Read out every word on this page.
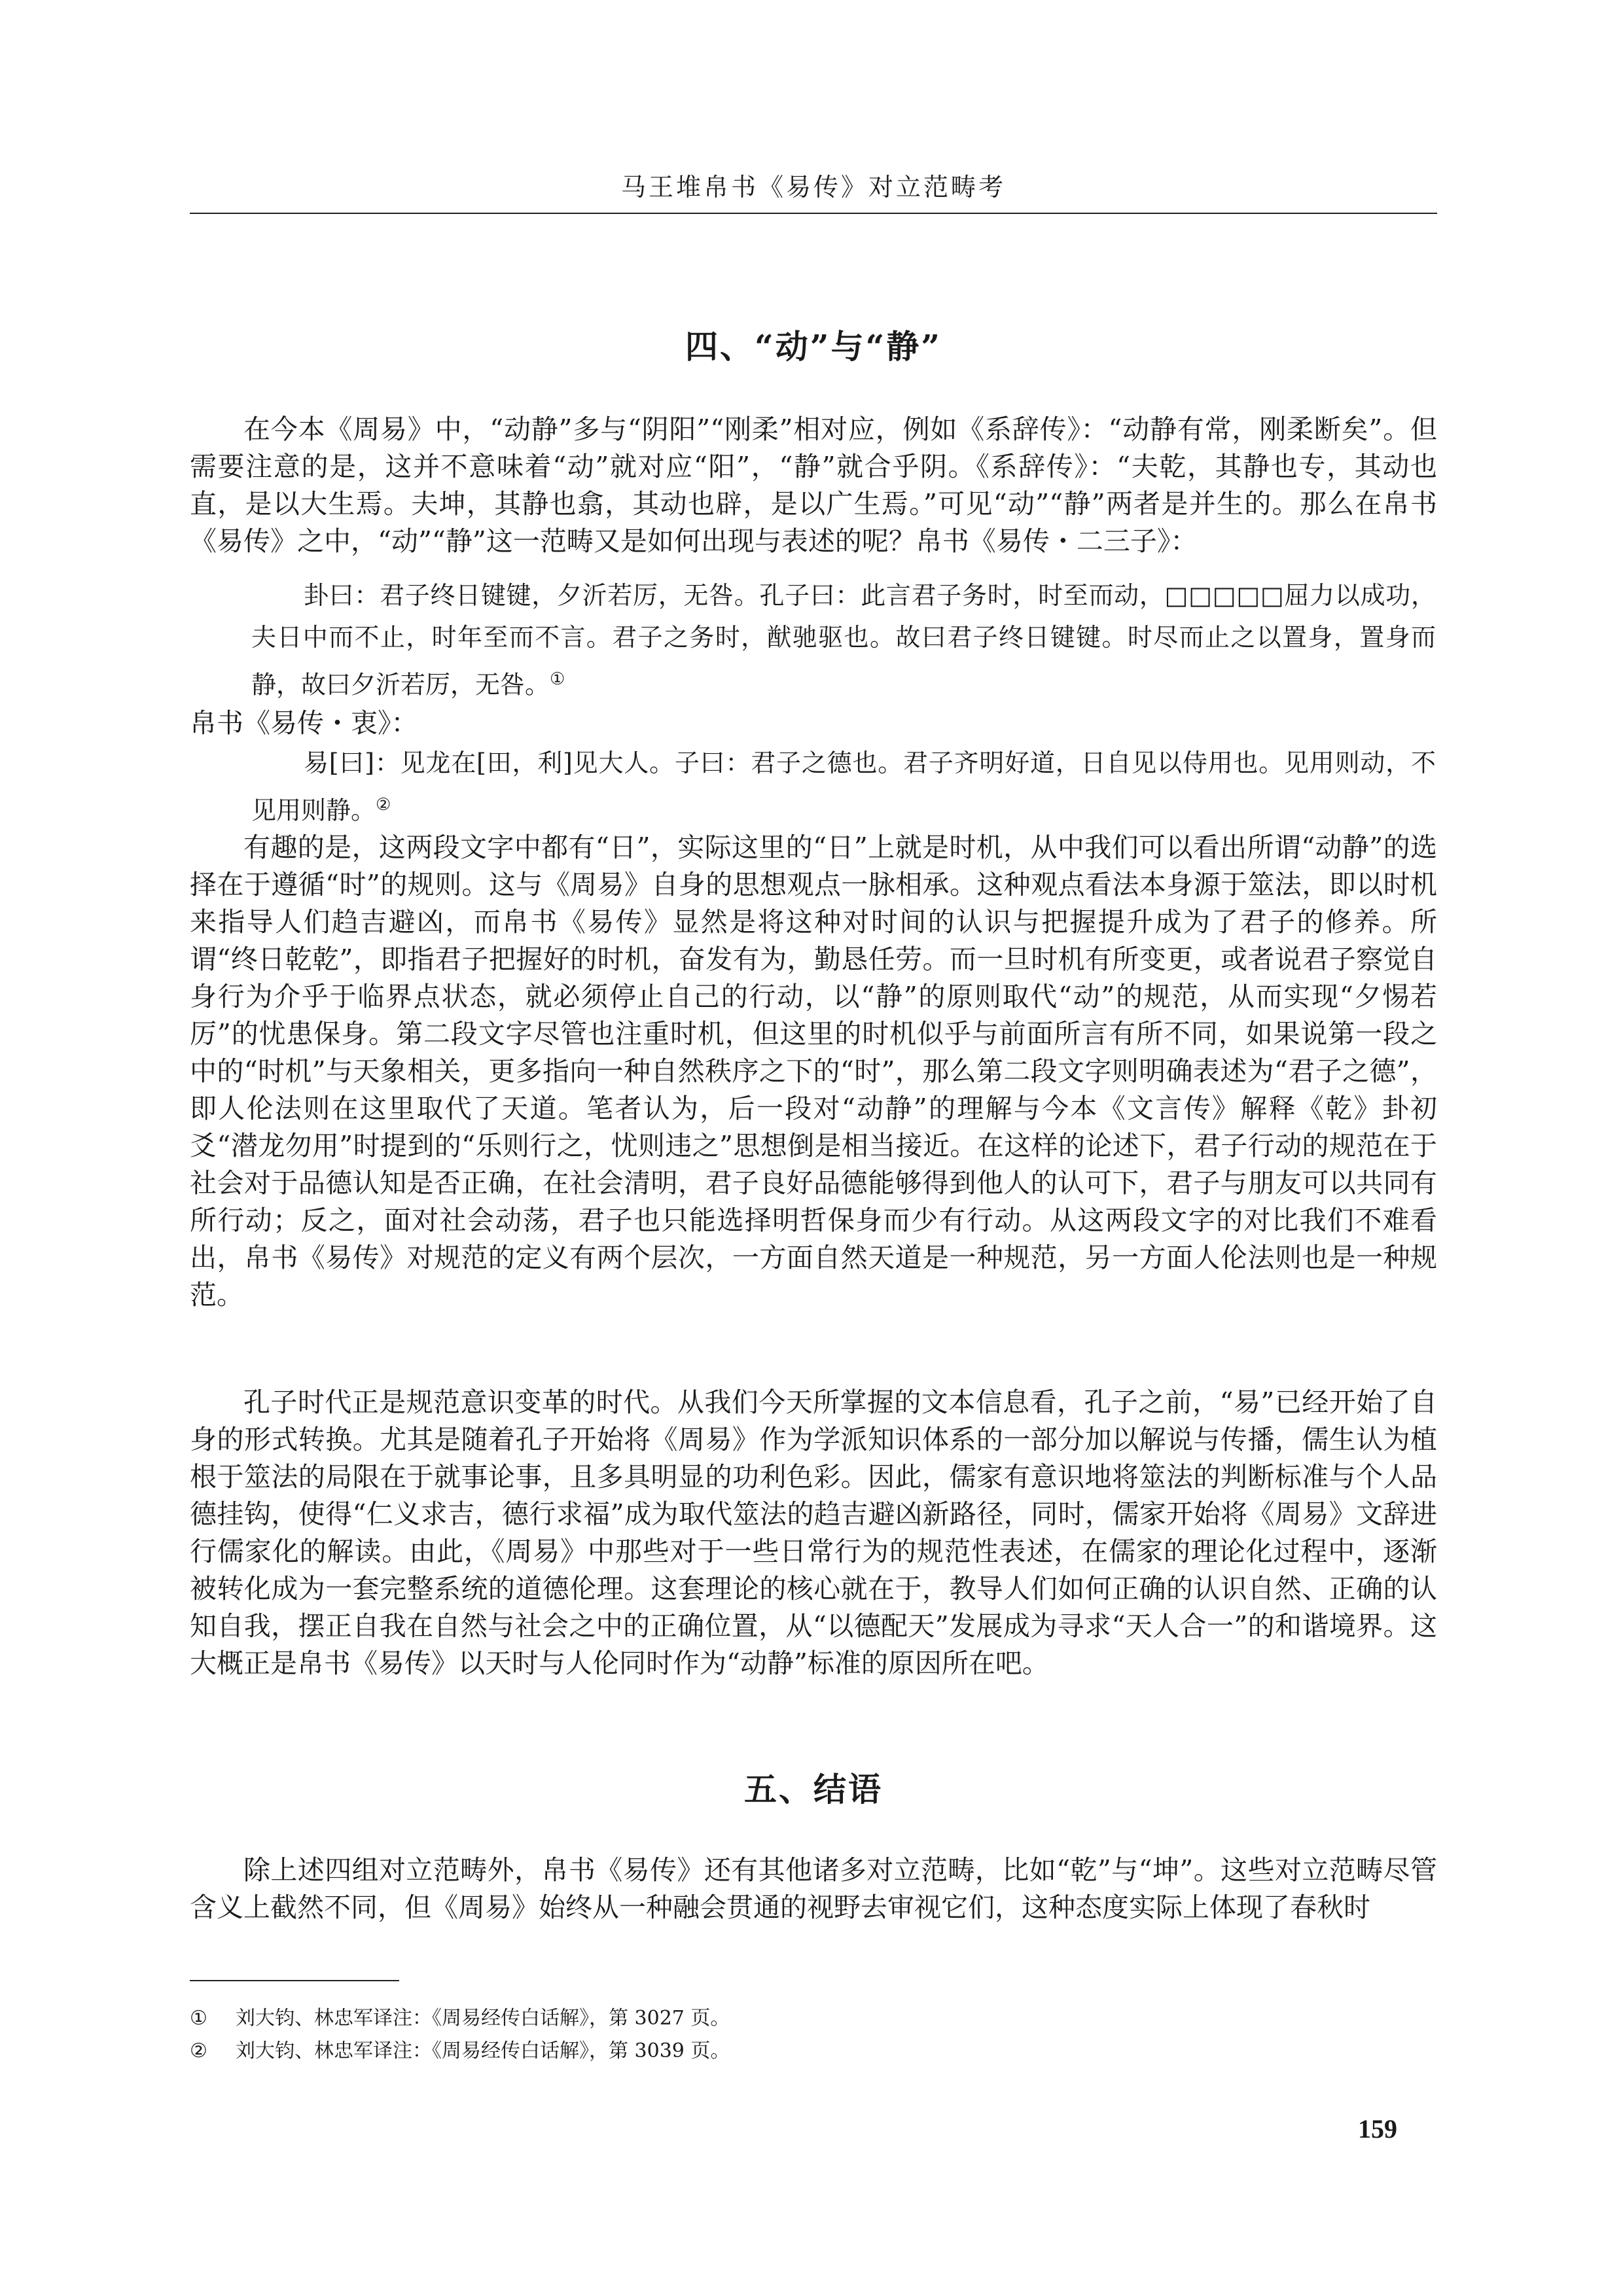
马王堆帛书《易传》对立范畴考
四、“动”与“静”

在今本《周易》中，“动静”多与“阴阳”“刚柔”相对应，例如《系辞传》：“动静有常，刚柔断矣”。但需要注意的是，这并不意味着“动”就对应“阳”，“静”就合乎阴。《系辞传》：“夫乾，其静也专，其动也直，是以大生焉。夫坤，其静也翕，其动也辟，是以广生焉。”可见“动”“静”两者是并生的。那么在帛书《易传》之中，“动”“静”这一范畴又是如何出现与表述的呢？帛书《易传・二三子》：

卦曰：君子终日键键，夕沂若厉，无咎。孔子曰：此言君子务时，时至而动，□□□□□屈力以成功，夫日中而不止，时年至而不言。君子之务时，猷驰驱也。故曰君子终日键键。时尽而止之以置身，置身而静，故曰夕沂若厉，无咎。①

帛书《易传・衷》：

易[曰]：见龙在[田，利]见大人。子曰：君子之德也。君子齐明好道，日自见以侍用也。见用则动，不见用则静。②

有趣的是，这两段文字中都有“日”，实际这里的“日”上就是时机，从中我们可以看出所谓“动静”的选择在于遵循“时”的规则。这与《周易》自身的思想观点一脉相承。这种观点看法本身源于筮法，即以时机来指导人们趋吉避凶，而帛书《易传》显然是将这种对时间的认识与把握提升成为了君子的修养。所谓“终日乾乾”，即指君子把握好的时机，奋发有为，勤恳任劳。而一旦时机有所变更，或者说君子察觉自身行为介乎于临界点状态，就必须停止自己的行动，以“静”的原则取代“动”的规范，从而实现“夕惕若厉”的忧患保身。第二段文字尽管也注重时机，但这里的时机似乎与前面所言有所不同，如果说第一段之中的“时机”与天象相关，更多指向一种自然秩序之下的“时”，那么第二段文字则明确表述为“君子之德”，即人伦法则在这里取代了天道。笔者认为，后一段对“动静”的理解与今本《文言传》解释《乾》卦初爻“潜龙勿用”时提到的“乐则行之，忧则违之”思想倒是相当接近。在这样的论述下，君子行动的规范在于社会对于品德认知是否正确，在社会清明，君子良好品德能够得到他人的认可下，君子与朋友可以共同有所行动；反之，面对社会动荡，君子也只能选择明哲保身而少有行动。从这两段文字的对比我们不难看出，帛书《易传》对规范的定义有两个层次，一方面自然天道是一种规范，另一方面人伦法则也是一种规范。

孔子时代正是规范意识变革的时代。从我们今天所掌握的文本信息看，孔子之前，“易”已经开始了自身的形式转换。尤其是随着孔子开始将《周易》作为学派知识体系的一部分加以解说与传播，儒生认为植根于筮法的局限在于就事论事，且多具明显的功利色彩。因此，儒家有意识地将筮法的判断标准与个人品德挂钩，使得“仁义求吉，德行求福”成为取代筮法的趋吉避凶新路径，同时，儒家开始将《周易》文辞进行儒家化的解读。由此，《周易》中那些对于一些日常行为的规范性表述，在儒家的理论化过程中，逐渐被转化成为一套完整系统的道德伦理。这套理论的核心就在于，教导人们如何正确的认识自然、正确的认知自我，摆正自我在自然与社会之中的正确位置，从“以德配天”发展成为寻求“天人合一”的和谐境界。这大概正是帛书《易传》以天时与人伦同时作为“动静”标准的原因所在吧。

五、结语

除上述四组对立范畴外，帛书《易传》还有其他诸多对立范畴，比如“乾”与“坤”。这些对立范畴尽管含义上截然不同，但《周易》始终从一种融会贯通的视野去审视它们，这种态度实际上体现了春秋时

① 刘大钧、林忠军译注：《周易经传白话解》，第 3027 页。
② 刘大钧、林忠军译注：《周易经传白话解》，第 3039 页。
159
